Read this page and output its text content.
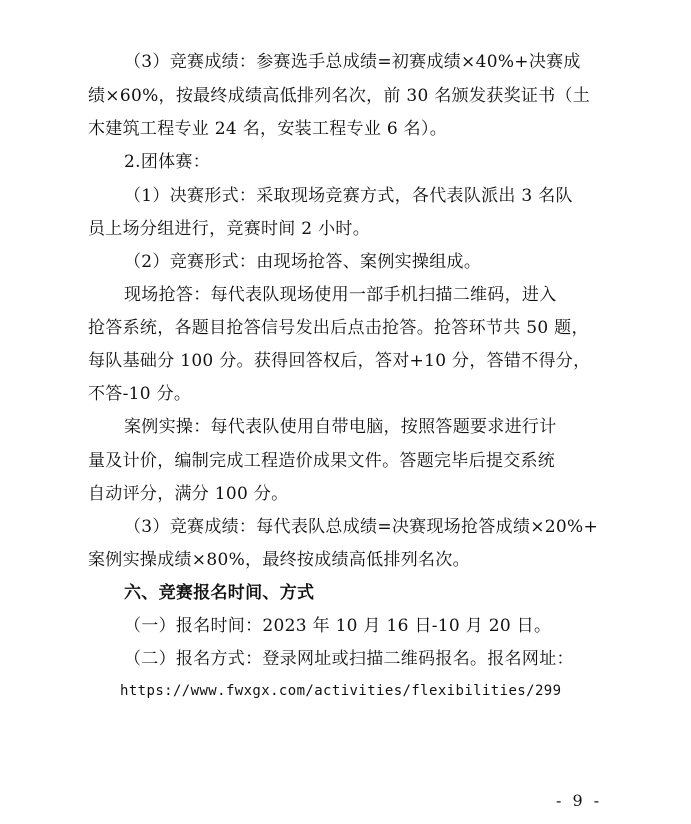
（3）竞赛成绩：参赛选手总成绩=初赛成绩×40%+决赛成
绩×60%，按最终成绩高低排列名次，前 30 名颁发获奖证书（土
木建筑工程专业 24 名，安装工程专业 6 名）。
2.团体赛：
（1）决赛形式：采取现场竞赛方式，各代表队派出 3 名队
员上场分组进行，竞赛时间 2 小时。
（2）竞赛形式：由现场抢答、案例实操组成。
现场抢答：每代表队现场使用一部手机扫描二维码，进入
抢答系统，各题目抢答信号发出后点击抢答。抢答环节共 50 题，
每队基础分 100 分。获得回答权后，答对+10 分，答错不得分，
不答-10 分。
案例实操：每代表队使用自带电脑，按照答题要求进行计
量及计价，编制完成工程造价成果文件。答题完毕后提交系统
自动评分，满分 100 分。
（3）竞赛成绩：每代表队总成绩=决赛现场抢答成绩×20%+
案例实操成绩×80%，最终按成绩高低排列名次。
六、竞赛报名时间、方式
（一）报名时间：2023 年 10 月 16 日-10 月 20 日。
（二）报名方式：登录网址或扫描二维码报名。报名网址：
https://www.fwxgx.com/activities/flexibilities/299
- 9 -
